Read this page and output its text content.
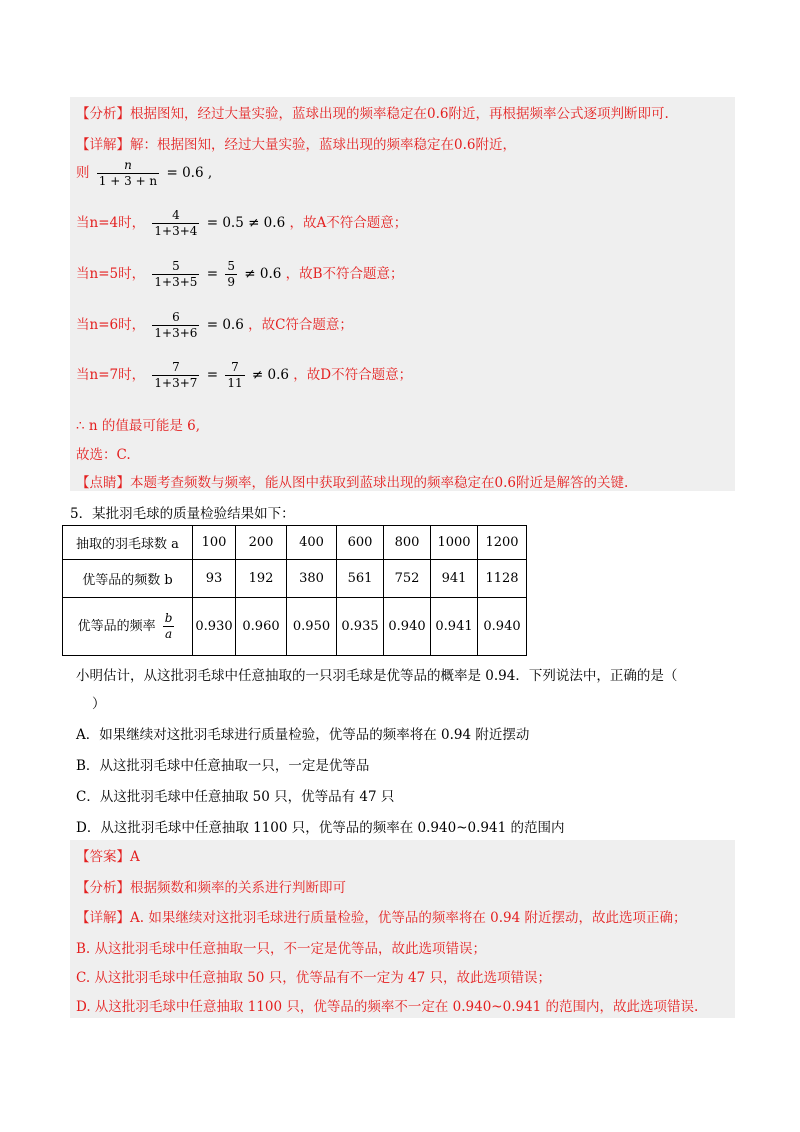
【分析】根据图知，经过大量实验，蓝球出现的频率稳定在0.6附近，再根据频率公式逐项判断即可.
【详解】解：根据图知，经过大量实验，蓝球出现的频率稳定在0.6附近，
则 $\frac{n}{1 + 3 + n} = 0.6$ ,
当n=4时， $\frac{4}{1+3+4} = 0.5 \ne 0.6$ ，故A不符合题意；
当n=5时， $\frac{5}{1+3+5} = \frac{5}{9} \ne 0.6$ ，故B不符合题意；
当n=6时， $\frac{6}{1+3+6} = 0.6$ ，故C符合题意；
当n=7时， $\frac{7}{1+3+7} = \frac{7}{11} \ne 0.6$ ，故D不符合题意；
∴ n 的值最可能是 6,
故选：C.
【点睛】本题考查频数与频率，能从图中获取到蓝球出现的频率稳定在0.6附近是解答的关键.
5．某批羽毛球的质量检验结果如下：
抽取的羽毛球数 a	100	200	400	600	800	1000	1200
优等品的频数 b	93	192	380	561	752	941	1128
优等品的频率 $\frac{b}{a}$	0.930	0.960	0.950	0.935	0.940	0.941	0.940
小明估计，从这批羽毛球中任意抽取的一只羽毛球是优等品的概率是 0.94．下列说法中，正确的是（
）
A．如果继续对这批羽毛球进行质量检验，优等品的频率将在 0.94 附近摆动
B．从这批羽毛球中任意抽取一只，一定是优等品
C．从这批羽毛球中任意抽取 50 只，优等品有 47 只
D．从这批羽毛球中任意抽取 1100 只，优等品的频率在 0.940~0.941 的范围内
【答案】A
【分析】根据频数和频率的关系进行判断即可
【详解】A. 如果继续对这批羽毛球进行质量检验，优等品的频率将在 0.94 附近摆动，故此选项正确；
B. 从这批羽毛球中任意抽取一只，不一定是优等品，故此选项错误；
C. 从这批羽毛球中任意抽取 50 只，优等品有不一定为 47 只，故此选项错误；
D. 从这批羽毛球中任意抽取 1100 只，优等品的频率不一定在 0.940~0.941 的范围内，故此选项错误.
